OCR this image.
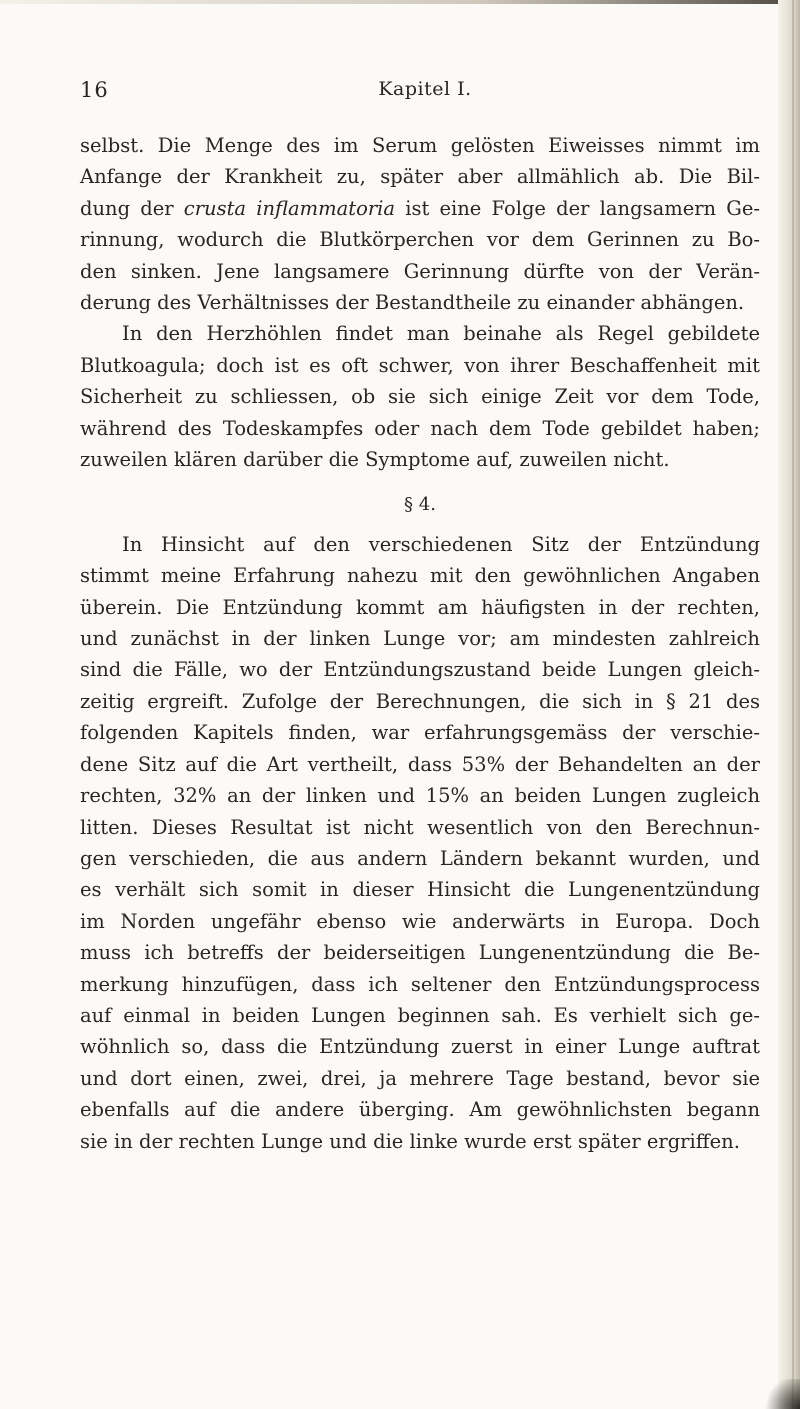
16	Kapitel I.

selbst. Die Menge des im Serum gelösten Eiweisses nimmt im
Anfange der Krankheit zu, später aber allmählich ab. Die Bil-
dung der crusta inflammatoria ist eine Folge der langsamern Ge-
rinnung, wodurch die Blutkörperchen vor dem Gerinnen zu Bo-
den sinken. Jene langsamere Gerinnung dürfte von der Verän-
derung des Verhältnisses der Bestandtheile zu einander abhängen.

In den Herzhöhlen findet man beinahe als Regel gebildete
Blutkoagula; doch ist es oft schwer, von ihrer Beschaffenheit mit
Sicherheit zu schliessen, ob sie sich einige Zeit vor dem Tode,
während des Todeskampfes oder nach dem Tode gebildet haben;
zuweilen klären darüber die Symptome auf, zuweilen nicht.

§ 4.

In Hinsicht auf den verschiedenen Sitz der Entzündung
stimmt meine Erfahrung nahezu mit den gewöhnlichen Angaben
überein. Die Entzündung kommt am häufigsten in der rechten,
und zunächst in der linken Lunge vor; am mindesten zahlreich
sind die Fälle, wo der Entzündungszustand beide Lungen gleich-
zeitig ergreift. Zufolge der Berechnungen, die sich in § 21 des
folgenden Kapitels finden, war erfahrungsgemäss der verschie-
dene Sitz auf die Art vertheilt, dass 53% der Behandelten an der
rechten, 32% an der linken und 15% an beiden Lungen zugleich
litten. Dieses Resultat ist nicht wesentlich von den Berechnun-
gen verschieden, die aus andern Ländern bekannt wurden, und
es verhält sich somit in dieser Hinsicht die Lungenentzündung
im Norden ungefähr ebenso wie anderwärts in Europa. Doch
muss ich betreffs der beiderseitigen Lungenentzündung die Be-
merkung hinzufügen, dass ich seltener den Entzündungsprocess
auf einmal in beiden Lungen beginnen sah. Es verhielt sich ge-
wöhnlich so, dass die Entzündung zuerst in einer Lunge auftrat
und dort einen, zwei, drei, ja mehrere Tage bestand, bevor sie
ebenfalls auf die andere überging. Am gewöhnlichsten begann
sie in der rechten Lunge und die linke wurde erst später ergriffen.
